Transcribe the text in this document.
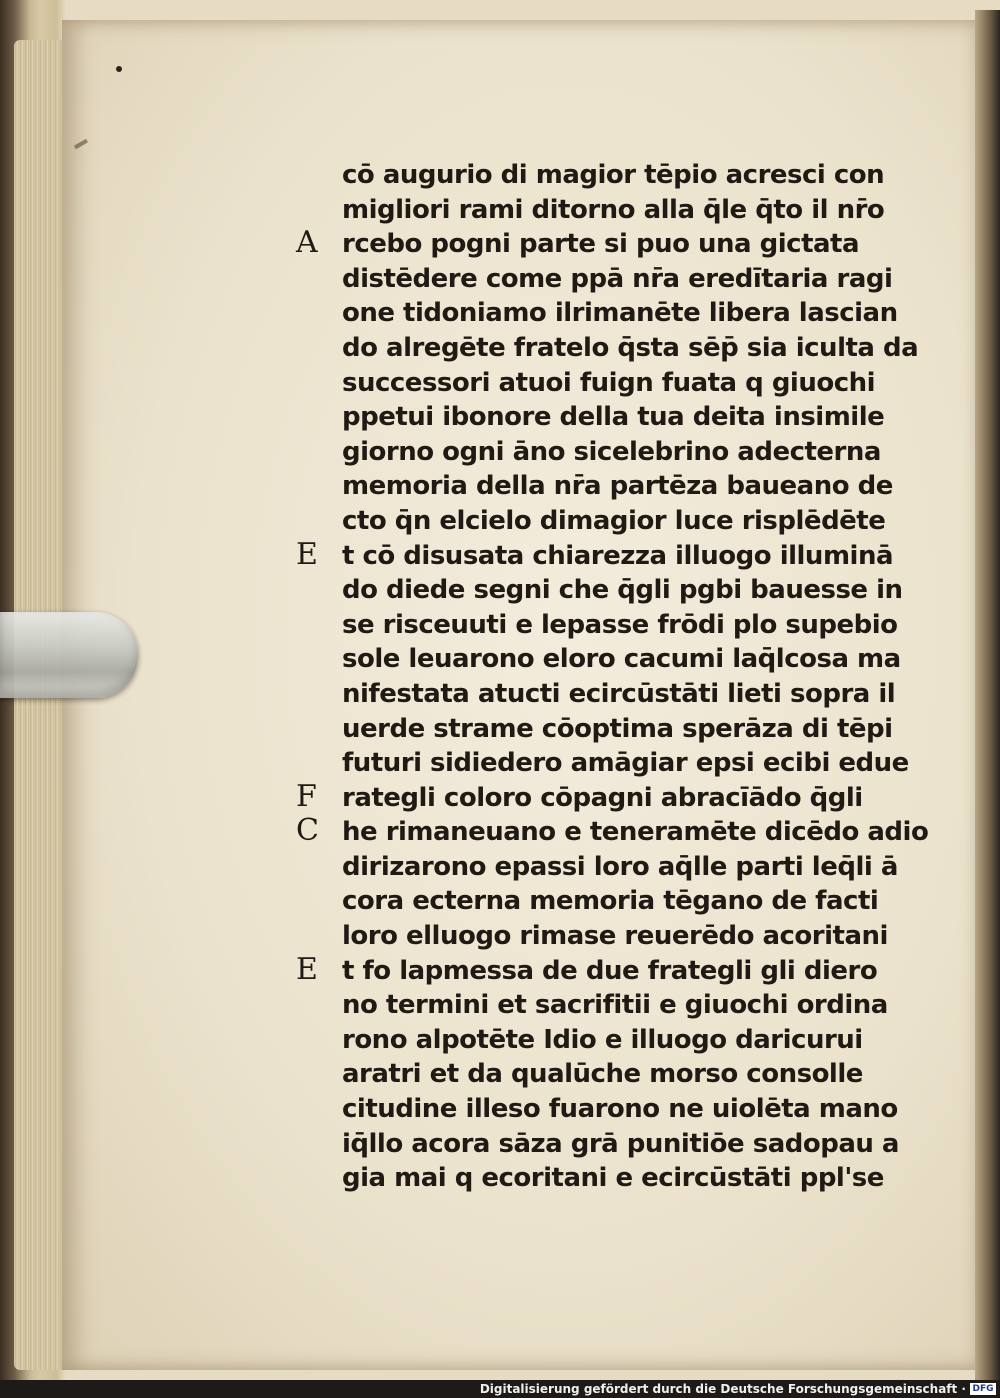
cō augurio di magior tēpio acresci con
migliori rami ditorno alla q̄le q̄to il nr̄o
A rcebo pogni parte si puo una gictata
distēdere come ppā nr̄a eredītaria ragi
one tidoniamo ilrimanēte libera lascian
do alregēte fratelo q̄sta sēp̄ sia iculta da
successori atuoi fuign fuata q giuochi
ppetui ibonore della tua deita insimile
giorno ogni āno sicelebrino adecterna
memoria della nr̄a partēza baueano de
cto q̄n elcielo dimagior luce risplēdēte
E t cō disusata chiarezza illuogo illuminā
do diede segni che q̄gli pgbi bauesse in
se risceuuti e lepasse frōdi plo supebio
sole leuarono eloro cacumi laq̄lcosa ma
nifestata atucti ecircūstāti lieti sopra il
uerde strame cōoptima sperāza di tēpi
futuri sidiedero amāgiar epsi ecibi edue
F rategli coloro cōpagni abracīādo q̄gli
C he rimaneuano e teneramēte dicēdo adio
dirizarono epassi loro aq̄lle parti leq̄li ā
cora ecterna memoria tēgano de facti
loro elluogo rimase reuerēdo acoritani
E t fo lapmessa de due frategli gli diero
no termini et sacrifitii e giuochi ordina
rono alpotēte Idio e illuogo daricurui
aratri et da qualūche morso consolle
citudine illeso fuarono ne uiolēta mano
iq̄llo acora sāza grā punitiōe sadopau a
gia mai q ecoritani e ecircūstāti ppl'se
Digitalisierung gefördert durch die Deutsche Forschungsgemeinschaft · DFG
